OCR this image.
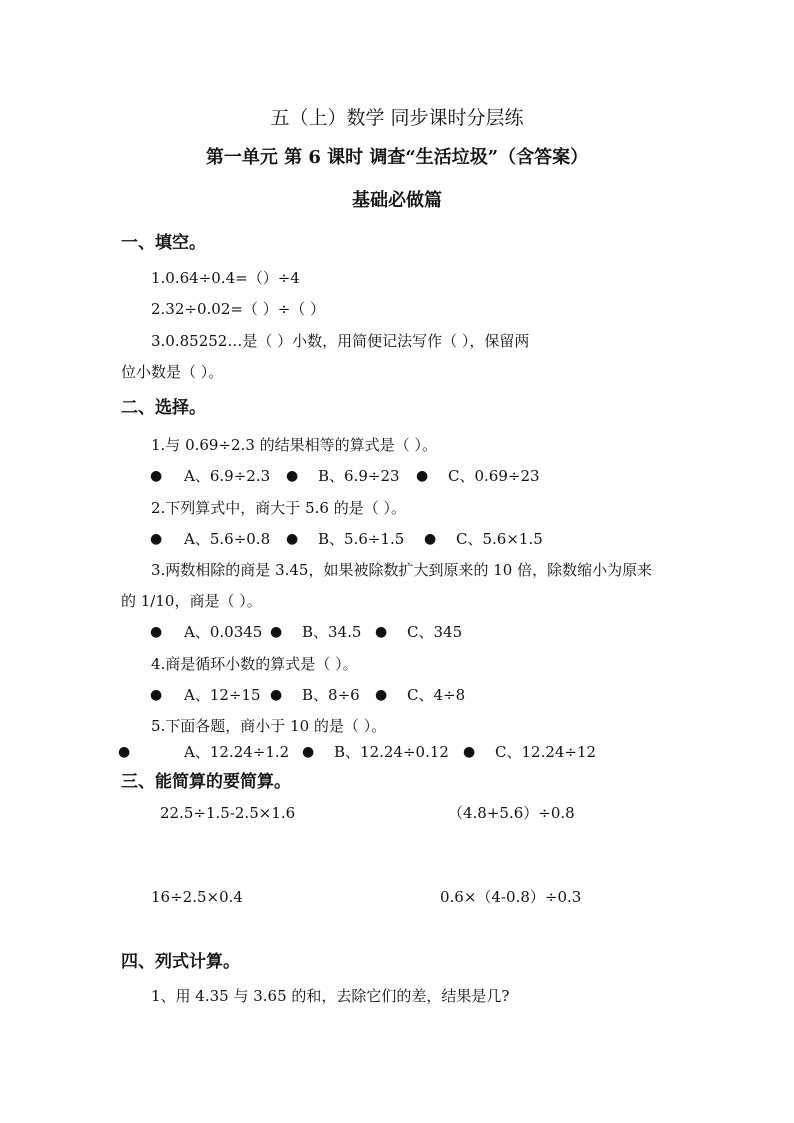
五（上）数学 同步课时分层练
第一单元 第 6 课时 调查“生活垃圾”（含答案）
基础必做篇
一、填空。
1.0.64÷0.4=（）÷4
2.32÷0.02=（ ）÷（ ）
3.0.85252…是（ ）小数，用简便记法写作（ ），保留两
位小数是（ ）。
二、选择。
1.与 0.69÷2.3 的结果相等的算式是（ ）。
● A、6.9÷2.3 ● B、6.9÷23 ● C、0.69÷23
2.下列算式中，商大于 5.6 的是（ ）。
● A、5.6÷0.8 ● B、5.6÷1.5 ● C、5.6×1.5
3.两数相除的商是 3.45，如果被除数扩大到原来的 10 倍，除数缩小为原来
的 1/10，商是（ ）。
● A、0.0345 ● B、34.5 ● C、345
4.商是循环小数的算式是（ ）。
● A、12÷15 ● B、8÷6 ● C、4÷8
5.下面各题，商小于 10 的是（ ）。
●	A、12.24÷1.2 ● B、12.24÷0.12 ● C、12.24÷12
三、能简算的要简算。
22.5÷1.5-2.5×1.6	（4.8+5.6）÷0.8
16÷2.5×0.4	0.6×（4-0.8）÷0.3
四、列式计算。
1、用 4.35 与 3.65 的和，去除它们的差，结果是几?
